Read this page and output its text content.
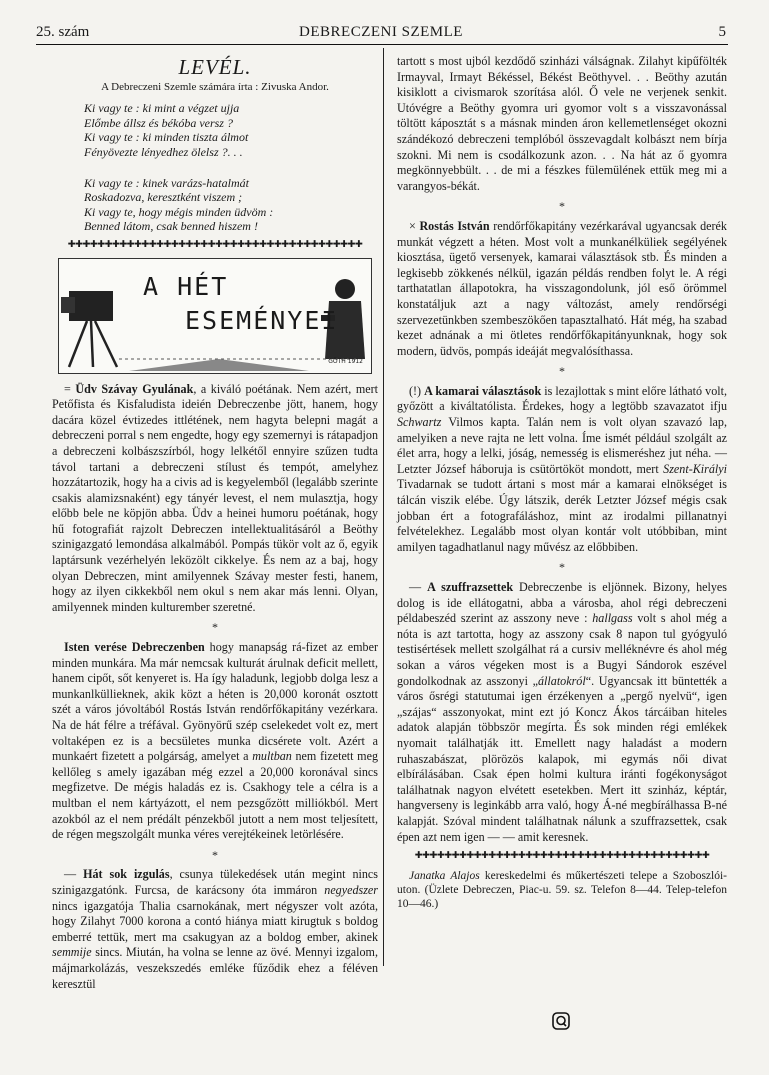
25. szám	DEBRECZENI SZEMLE	5
LEVÉL.
A Debreczeni Szemle számára írta : Zivuska Andor.
Ki vagy te : ki mint a végzet ujja
Előmbe állsz és békóba versz ?
Ki vagy te : ki minden tiszta álmot
Fényövezte lényedhez ölelsz ?. . .
Ki vagy te : kinek varázs-hatalmát
Roskadozva, keresztként viszem ;
Ki vagy te, hogy mégis minden üdvöm :
Benned látom, csak benned hiszem !
✚✚✚✚✚✚✚✚✚✚✚✚✚✚✚✚✚✚✚✚✚✚✚✚✚✚✚✚✚✚✚✚✚✚✚✚✚✚✚✚
A HÉT
ESEMÉNYEI
GÖTH 1912

= Üdv Szávay Gyulának, a kiváló poétának. Nem azért, mert Petőfista és Kisfaludista ideién Debreczenbe jött, hanem, hogy dacára közel évtizedes ittlétének, nem hagyta belepni magát a debreczeni porral s nem engedte, hogy egy szemernyi is rátapadjon a debreczeni kolbászszírból, hogy lelkétől ennyire szűzen tudta távol tartani a debreczeni stílust és tempót, amelyhez hozzátartozik, hogy ha a civis ad is kegyelemből (legalább szerinte csakis alamizsnaként) egy tányér levest, el nem mulasztja, hogy előbb bele ne köpjön abba. Üdv a heinei humoru poétának, hogy hű fotografiát rajzolt Debreczen intellektualitásáról a Beöthy szinigazgató lemondása alkalmából. Pompás tükör volt az ő, egyik laptársunk vezérhelyén leközölt cikkelye. És nem az a baj, hogy olyan Debreczen, mint amilyennek Szávay mester festi, hanem, hogy az ilyen cikkekből nem okul s nem akar más lenni. Olyan, amilyennek minden kulturember szeretné.

*

Isten verése Debreczenben hogy manapság rá-fizet az ember minden munkára. Ma már nemcsak kulturát árulnak deficit mellett, hanem cipőt, sőt kenyeret is. Ha így haladunk, legjobb dolga lesz a munkanlküllieknek, akik közt a héten is 20,000 koronát osztott szét a város jóvoltából Rostás István rendőrfőkapitány vezérkara. Na de hát félre a tréfával. Gyönyörű szép cselekedet volt ez, mert voltaképen ez is a becsületes munka dicsérete volt. Azért a munkaért fizetett a polgárság, amelyet a multban nem fizetett meg kellőleg s amely igazában még ezzel a 20,000 koronával sincs megfizetve. De mégis haladás ez is. Csakhogy tele a célra is a multban el nem kártyázott, el nem pezsgőzött milliókból. Mert azokból az el nem prédált pénzekből jutott a nem most teljesített, de régen megszolgált munka véres verejtékeinek letörlésére.

*

— Hát sok izgulás, csunya tülekedések után megint nincs szinigazgatónk. Furcsa, de karácsony óta immáron negyedszer nincs igazgatója Thalia csarnokának, mert négyszer volt azóta, hogy Zilahyt 7000 korona a contó hiánya miatt kirugtuk s boldog emberré tettük, mert ma csakugyan az a boldog ember, akinek semmije sincs. Miután, ha volna se lenne az övé. Mennyi izgalom, májmarkolázás, veszekszedés emléke fűződik ehez a féléven keresztül

tartott s most ujból kezdődő szinházi válságnak. Zilahyt kipűfölték Irmayval, Irmayt Békéssel, Békést Beöthyvel. . . Beöthy azután kisiklott a civismarok szorítása alól. Ő vele ne verjenek senkit. Utóvégre a Beöthy gyomra uri gyomor volt s a visszavonással töltött káposztát s a másnak minden áron kellemetlenséget okozni szándékozó debreczeni templóból összevagdalt kolbászt nem bírja szokni. Mi nem is csodálkozunk azon. . . Na hát az ő gyomra megkönnyebbült. . . de mi a fészkes fülemülének ettük meg mi a varangyos-békát.

*

× Rostás István rendőrfőkapitány vezérkarával ugyancsak derék munkát végzett a héten. Most volt a munkanélküliek segélyének kiosztása, ügető versenyek, kamarai választások stb. És minden a legkisebb zökkenés nélkül, igazán példás rendben folyt le. A régi tarthatatlan állapotokra, ha visszagondolunk, jól eső örömmel konstatáljuk azt a nagy változást, amely rendőrségi szervezetünkben szembeszökően tapasztalható. Hát még, ha szabad kezet adnának a mi ötletes rendőrfőkapitányunknak, hogy sok modern, üdvös, pompás ideáját megvalósíthassa.

*

(!) A kamarai választások is lezajlottak s mint előre látható volt, győzött a kiváltatólista. Érdekes, hogy a legtöbb szavazatot ifju Schwartz Vilmos kapta. Talán nem is volt olyan szavazó lap, amelyiken a neve rajta ne lett volna. Íme ismét például szolgált az élet arra, hogy a lelki, jóság, nemesség is elismeréshez jut néha. — Letzter József háboruja is csütörtököt mondott, mert Szent-Királyi Tivadarnak se tudott ártani s most már a kamarai elnökséget is tálcán viszik elébe. Úgy látszik, derék Letzter József mégis csak jobban ért a fotografáláshoz, mint az irodalmi pillanatnyi felvételekhez. Legalább most olyan kontár volt utóbbiban, mint amilyen tagadhatlanul nagy művész az előbbiben.

*

— A szuffrazsettek Debreczenbe is eljönnek. Bizony, helyes dolog is ide ellátogatni, abba a városba, ahol régi debreczeni példabeszéd szerint az asszony neve : hallgass volt s ahol még a nóta is azt tartotta, hogy az asszony csak 8 napon tul gyógyuló testisértések mellett szolgálhat rá a cursiv melléknévre és ahol még sokan a város végeken most is a Bugyi Sándorok eszével gondolkodnak az asszonyi „állatokról“. Ugyancsak itt büntették a város ősrégi statutumai igen érzékenyen a „pergő nyelvü“, igen „szájas“ asszonyokat, mint ezt jó Koncz Ákos tárcáiban hiteles adatok alapján többször megírta. És sok minden régi emlékek nyomait találhatják itt. Emellett nagy haladást a modern ruhaszabászat, plörözös kalapok, mi egymás női divat elbírálásában. Csak épen holmi kultura iránti fogékonyságot találhatnak nagyon elvétett esetekben. Mert itt szinház, képtár, hangverseny is leginkább arra való, hogy Á-né megbírálhassa B-né kalapját. Szóval mindent találhatnak nálunk a szuffrazsettek, csak épen azt nem igen — — amit keresnek.

✚✚✚✚✚✚✚✚✚✚✚✚✚✚✚✚✚✚✚✚✚✚✚✚✚✚✚✚✚✚✚✚✚✚✚✚✚✚✚✚

Janatka Alajos kereskedelmi és műkertészeti telepe a Szoboszlói-uton. (Üzlete Debreczen, Piac-u. 59. sz. Telefon 8—44. Telep-telefon 10—46.)
